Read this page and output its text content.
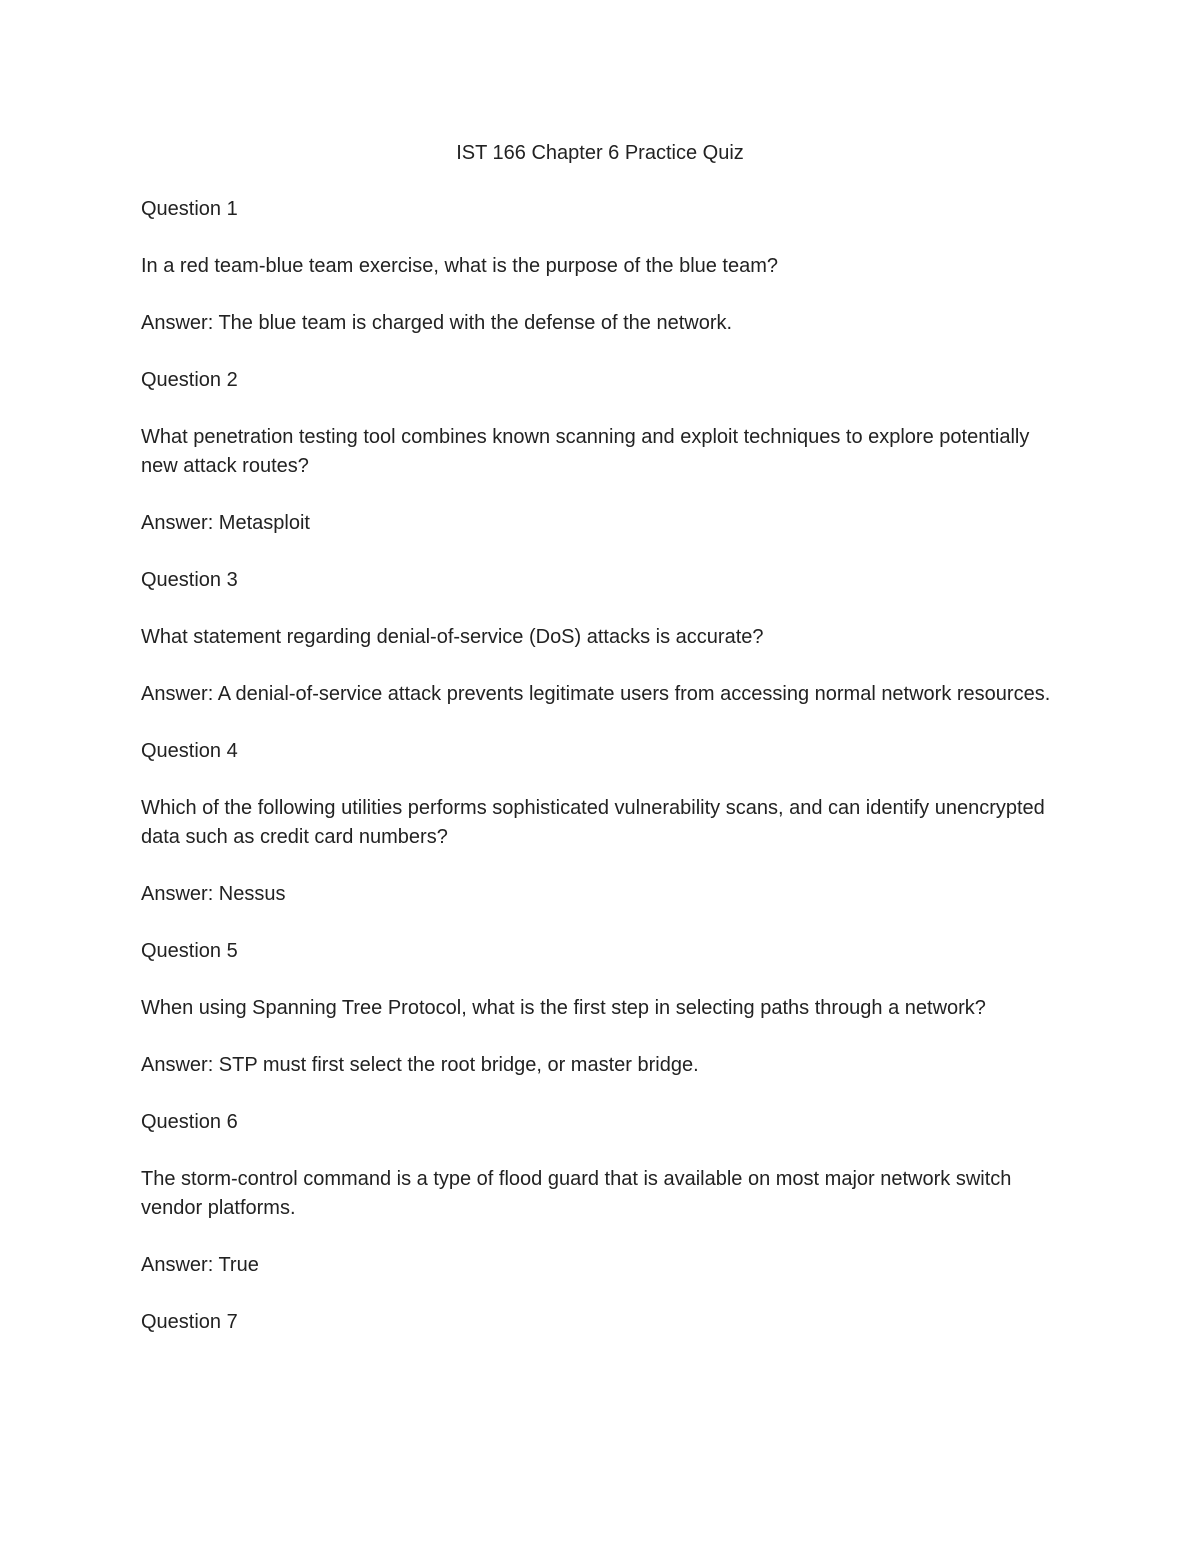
IST 166 Chapter 6 Practice Quiz
Question 1
In a red team-blue team exercise, what is the purpose of the blue team?
Answer: The blue team is charged with the defense of the network.
Question 2
What penetration testing tool combines known scanning and exploit techniques to explore potentially new attack routes?
Answer: Metasploit
Question 3
What statement regarding denial-of-service (DoS) attacks is accurate?
Answer: A denial-of-service attack prevents legitimate users from accessing normal network resources.
Question 4
Which of the following utilities performs sophisticated vulnerability scans, and can identify unencrypted data such as credit card numbers?
Answer: Nessus
Question 5
When using Spanning Tree Protocol, what is the first step in selecting paths through a network?
Answer: STP must first select the root bridge, or master bridge.
Question 6
The storm-control command is a type of flood guard that is available on most major network switch vendor platforms.
Answer: True
Question 7
